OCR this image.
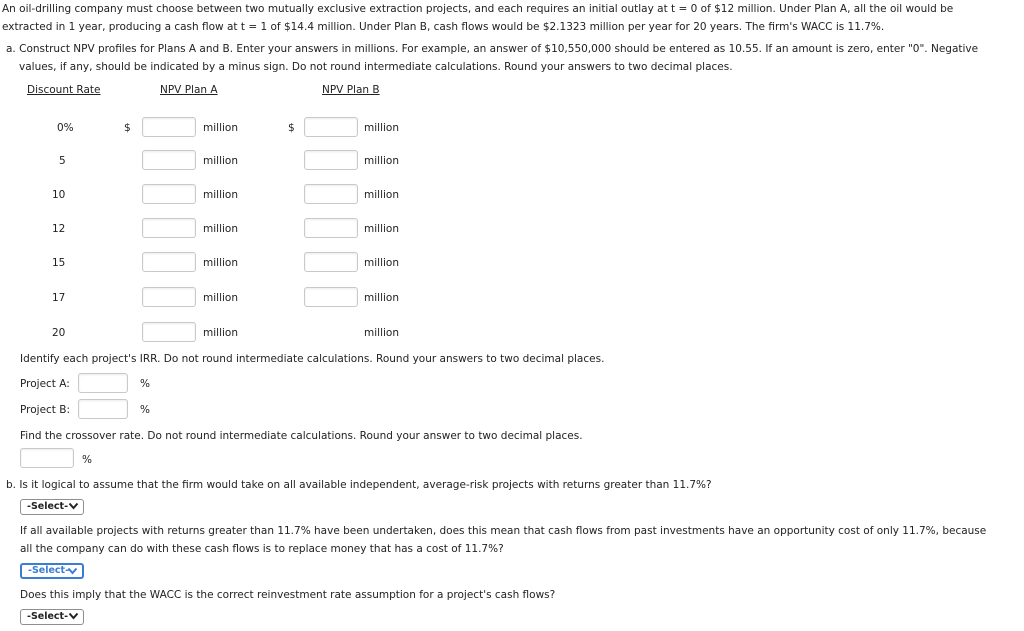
An oil-drilling company must choose between two mutually exclusive extraction projects, and each requires an initial outlay at t = 0 of $12 million. Under Plan A, all the oil would be
extracted in 1 year, producing a cash flow at t = 1 of $14.4 million. Under Plan B, cash flows would be $2.1323 million per year for 20 years. The firm's WACC is 11.7%.
a. Construct NPV profiles for Plans A and B. Enter your answers in millions. For example, an answer of $10,550,000 should be entered as 10.55. If an amount is zero, enter "0". Negative
values, if any, should be indicated by a minus sign. Do not round intermediate calculations. Round your answers to two decimal places.
Discount Rate	NPV Plan A	NPV Plan B
0%	$	million	$	million
5	million	million
10	million	million
12	million	million
15	million	million
17	million	million
20	million	million
Identify each project's IRR. Do not round intermediate calculations. Round your answers to two decimal places.
Project A:	%
Project B:	%
Find the crossover rate. Do not round intermediate calculations. Round your answer to two decimal places.
%
b. Is it logical to assume that the firm would take on all available independent, average-risk projects with returns greater than 11.7%?
-Select-
If all available projects with returns greater than 11.7% have been undertaken, does this mean that cash flows from past investments have an opportunity cost of only 11.7%, because
all the company can do with these cash flows is to replace money that has a cost of 11.7%?
-Select-
Does this imply that the WACC is the correct reinvestment rate assumption for a project's cash flows?
-Select-
